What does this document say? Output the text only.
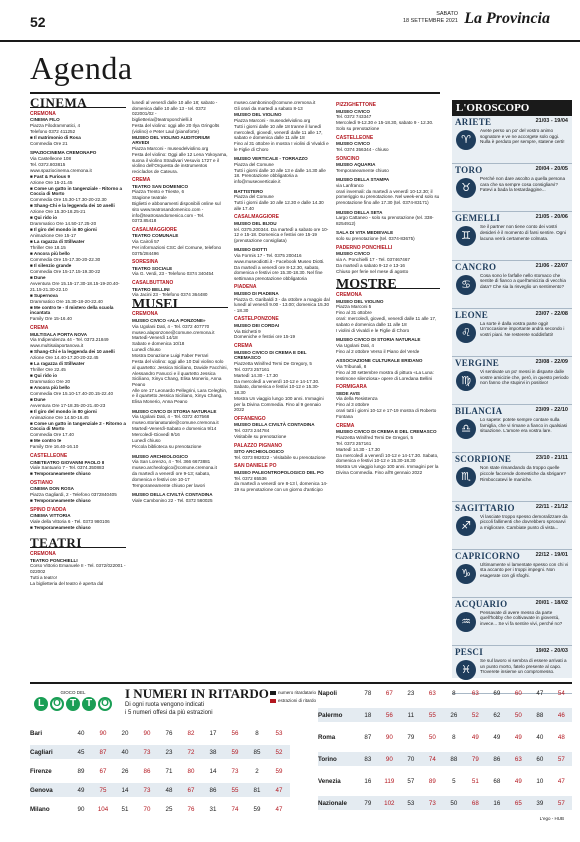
52	SABATO
18 SETTEMBRE 2021 La Provincia
Agenda
CINEMA
CREMONA
CINEMA FILO

Piazza Filodrammatici, 4

Telefono 0372 411252

■ Il matrimonio di Rosa

Commedia Ore 21

SPAZIOCINEMA CREMONAPO

Via Castelleone 108

Tel. 0372.803815

www.spaziocinema.cremona.it

■ Fast & Furious 9

Azione Ore 15-21.45

■ Come un gatto in tangenziale - Ritorno a Coccia di Morto

Commedia Ore 15.30-17.30-20-22.30

■ Shang-Chi e la leggenda dei 10 anelli

Azione Ore 15.30-18.25-21

■ Qui rido io

Drammatico Ore 14.50-17.25-20

■ Il giro del mondo in 80 giorni

Animazione Ore 15-17

■ La ragazza di Stillwater

Thriller Ore 18.15

■ Ancora più bello

Commedia Ore 15-17.30-20-22.30

■ Il silenzio grande

Commedia Ore 15-17.15-19.30-22

■ Dune

Avventura Ore 15.15-17.30-18.15-19-20.40-21.15-21.30-22.10

■ Supernova

Drammatico Ore 15.30-18-20-22.40

■ Me contro te - Il mistero della scuola incantata

Family Ore 15-16.40

CREMA
MULTISALA PORTA NOVA

Via Indipendenza 44 - Tel. 0373.21849

www.multisalaportanova.it

■ Shang-Chi e la leggenda dei 10 anelli

Azione Ore 14.40-17.20-20-22.45

■ La ragazza di Stillwater

Thriller Ore 22.45

■ Qui rido io

Drammatico Ore 20

■ Ancora più bello

Commedia Ore 15.10-17.40-20.15-22.40

■ Dune

Avventura Ore 17-18.35-20-21.40-23

■ Il giro del mondo in 80 giorni

Animazione Ore 14.50-16.45

■ Come un gatto in tangenziale 2 - Ritorno a Coccia di Morto

Commedia Ore 17.40

■ Me contro te

Family Ore 16.40-16.10

CASTELLEONE
CINETEATRO GIOVANNI PAOLO II

Viale Santuario 7 - Tel. 0374.350883

■ Temporaneamente chiuso

OSTIANO
CINEMA DON ROSA

Piazza Gagliardi, 2 - Telefono 0372840405

■ Temporaneamente chiuso

SPINO D'ADDA
CINEMA VITTORIA

Viale della Vittoria 6 - Tel. 0373 980106

■ Temporaneamente chiuso

TEATRI
CREMONA
TEATRO PONCHIELLI

Corso Vittorio Emanuele II - Tel. 0372/022001 - 022002

Tutti a teatro!

La biglietteria del teatro è aperta dal

lunedì al venerdì dalle 10 alle 18; sabato - domenica dalle 10 alle 13 - tel. 0372 022001/02 -

biglietteria@teatroponchielli.it

Festa del violino: oggi alle 20 Ilya Gringolts (violino) e Peter Laul (pianoforte)

MUSEO DEL VIOLINO AUDITORIUM ARVEDI

Piazza Marconi - museodelviolino.org

Festa del violino: Oggi alle 12 Lena Yokoyama, suona il violino Stradivari Vesuvio 1727 e il violino dell'Orquesta de instrumentos reciclados de Cateura.

CREMA
TEATRO SAN DOMENICO

Piazza Trento e Trieste, 6

Stagione teatrale

Biglietti e abbonamenti disponibili online sul sito www.teatrosandomenico.com - info@teatrosandomenico.com - Tel. 0373.85418

CASALMAGGIORE
TEATRO COMUNALE

Via Cairoli 57

Per informazioni CSC del Comune, telefono 0375/284496

SORESINA
TEATRO SOCIALE

Via G. Verdi, 23 - Telefono 0374 340454

CASALBUTTANO
TEATRO BELLINI

Via Jacini 23 - Telefono 0374 364480

MUSEI
CREMONA
MUSEO CIVICO «ALA PONZONE»

Via Ugolani Dati, 4 - Tel. 0372 407770

museo.alaponzone@comune.cremona.it

Martedì-Venerdì 14/18

Sabato e domenica 10/18

Lunedì chiuso

Mostra Donazione Luigi Faber Ferrari

Festa del violino: oggi alle 10 Dal violino solo al quartetto: Jessica Siciliano, Davide Facchini, Alessandro Fanucci e il quartetto Jessica Siciliano, Xinyu Chang, Elisa Monerio, Anna Peano

Alle ore 17 Leonardo Pellegrini, Lara Celeghin, e il quartetto Jessica Siciliano, Xinyu Chang, Elisa Monerio, Anna Peano

MUSEO CIVICO DI STORIA NATURALE

Via Ugolani Dati, 4 - Tel. 0372 407568

museo.storianaturale@comune.cremona.it

Martedì-Venerdì-Sabato e domenica 9/14

Mercoledì-Giovedì 9/16

Lunedì chiuso

Piccola biblioteca su prenotazione

MUSEO ARCHEOLOGICO

Via San Lorenzo, 4 - Tel. 366 6673881

museo.archeologico@comune.cremona.it

da martedì a venerdì ore 9-13; sabato, domenica e festivi ore 10-17

Temporaneamente chiuso per lavori

MUSEO DELLA CIVILTÀ CONTADINA

Viale Cambonino 22 - Tel. 0372 560025

museo.cambonino@comune.cremona.it

Gli orari da martedì a sabato 8-13

MUSEO DEL VIOLINO

Piazza Marconi - museodelviolino.org

Tutti i giorni dalle 10 alle 18 tranne il lunedì

mercoledì, giovedì, venerdì dalle 11 alle 17, sabato e domenica dalle 11 alle 18

Fino al 31 ottobre in mostra I violini di Vivaldi e le Figlie di Choro

MUSEO VERTICALE - TORRAZZO

Piazza del Comune

Tutti i giorni dalle 10 alle 13 e dalle 14.30 alle 18. Prenotazione obbligatoria a info@museoverticale.it

BATTISTERO

Piazza del Comune

Tutti i giorni dalle 10 alle 12.30 e dalle 14.30 alle 17.40

CASALMAGGIORE
MUSEO DEL BIJOU

tel. 0375.200344. Da martedì a sabato ore 10-12 e 15-18. Domenica e festivi ore 15-19 (prenotazione consigliata)

MUSEO DIOTTI

Via Formis 17 - Tel. 0375 200416

www.museodiotti.it - Facebook Museo Diotti. Da martedì a venerdì ore 8-12.30, sabato, domenica e festivi ore 15.30-18.30. Nel fine settimana prenotazione obbligatoria

PIADENA
MUSEO DI PIADENA

Piazza G. Garibaldi 3 - da ottobre a maggio dal lunedì al venerdì 9.00 - 13.00; domenica 15.30 - 18.30

CASTELPONZONE
MUSEO DEI CORDAI

Via Bichetti 9

Domeniche e festivi ore 15-19

CREMA
MUSEO CIVICO DI CREMA E DEL CREMASCO

Piazzetta Winifred Terni De Gregory, 5

Tel. 0373 257161

Martedì 14.30 - 17.30

Da mercoledì a venerdì 10-12 e 14-17.30. Sabato, domenica e festivi 10-12 e 15.30-18.30

Mostra Un viaggio lungo 100 anni. Immagini per la Divina Commedia. Fino al 9 gennaio 2022

OFFANENGO
MUSEO DELLA CIVILTÀ CONTADINA

Tel. 0373 244784

Visitabile su prenotazione

PALAZZO PIGNANO
SITO ARCHEOLOGICO

Tel. 0373 982022 - Visitabile su prenotazione

SAN DANIELE PO
MUSEO PALEONTROPOLOGICO DEL PO

Tel. 0372 65536

da martedì a venerdì ore 8-13 l, domenica 14-19 su prenotazione con un giorno d'anticipo

PIZZIGHETTONE
MUSEO CIVICO

Tel. 0372 743347

Mercoledì 9-12.30 e 15-18.30, sabato 9 - 12.30.

Solo su prenotazione

CASTELLEONE
MUSEO CIVICO

Tel. 0374 356344 - chiuso

SONCINO
MUSEO AQUARIA

Temporaneamente chiuso

MUSEO DELLA STAMPA

via Lanfranco

orari invernali: da martedì a venerdì 10-12.30; il pomeriggio su prenotazione. Nel week-end solo su prenotazione fino alle 17.30 (tel. 0374-83171)

MUSEO DELLA SETA

Largo Cattaneo - solo su prenotazione (tel. 338-8254912)

SALA DI VITA MEDIEVALE

solo su prenotazione (tel. 0374-83675)

PADERNO PONCHIELLI
MUSEO CIVICO

via A. Ponchielli 17 - Tel. 037467467

Da martedì a sabato 9-12 e 13-16

Chiuso per ferie nel mese di agosto

MOSTRE
CREMONA
MUSEO DEL VIOLINO

Piazza Marconi 5

Fino al 31 ottobre

orari: mercoledì, giovedì, venerdì dalle 11 alle 17, sabato e domenica dalle 11 alle 18

I violini di Vivaldi e le Figlie di Choro

MUSEO CIVICO DI STORIA NATURALE

Via Ugolani Dati, 4

Fino al 2 ottobre Verso il Piano del Verde

ASSOCIAZIONE CULTURALE ERIDANO

Via Tribunali, 8

Fino al 30 settembre mostra di pittura «La Luna: testimone silenziosa» opere di Loredana Bellini

FORMIGARA
SEDE AVIS

Via della Resistenza

Fino al 3 ottobre

orari tutti i giorni 10-12 e 17-19 mostra di Roberto Fontana

CREMA
MUSEO CIVICO DI CREMA E DEL CREMASCO

Piazzetta Winifred Terni De Gregori, 5

Tel. 0373 257161

Martedì 14.30 - 17.30

Da mercoledì a venerdì 10-12 e 14-17.30. Sabato, domenica e festivi 10-12 e 15.30-18.30

Mostra Un viaggio lungo 100 anni. Immagini per la Divina Commedia. Fino all'8 gennaio 2022

L'OROSCOPO
ARIETE	21/03 - 19/04
♈
Avete perso un po' del vostro animo sognatore e ve ne accorgete solo oggi. Nulla è perduto per sempre, statene certi!
TORO	20/04 - 20/05
♉
Perché non dare ascolto a quella persona cara che sa sempre cosa consigliarvi? Fatevi a bada la testardaggine...
GEMELLI	21/05 - 20/06
♊
Se il partner non tiene conto dei vostri desideri è il momento di farsi sentire. Ogni lacuna verrà certamente colmata.
CANCRO	21/06 - 22/07
♋
Cosa sono le farfalle nello stomaco che sentite di fianco a quell'amicizia di vecchia data? Che sia la risveglio un sentimento?
LEONE	23/07 - 22/08
♌
La sorte è dalla vostra parte oggi! Un'occasione importante andrà secondo i vostri piani. Ne resterete soddisfatti!
VERGINE	23/08 - 22/09
♍
Vi sentivate un po' messi in disparte dalle vostre amicizie che, però, in questo periodo non fanno che stupirvi in positivo!
BILANCIA	23/09 - 22/10
♎
Lo sapete: potete sempre contare sulla famiglia, che vi rimane a fianco in qualsiasi situazione. L'amore era vostra lare.
SCORPIONE	23/10 - 21/11
♏
Non state rimandando da troppo quelle piccole faccende domestiche da sbrigare? Rimboccatevi le maniche.
SAGITTARIO	22/11 - 21/12
♐
Vi lasciate troppo spesso demoralizzare da piccoli fallimenti che dovrebbero spronarvi a migliorare. Cambiate punto di vista...
CAPRICORNO	22/12 - 19/01
♑
Ultimamente vi lamentate spesso con chi vi sta accanto per i troppi impegni. Non esagerate con gli sfoghi.
ACQUARIO	20/01 - 18/02
♒
Pensavate di avere messo da parte quell'hobby che coltivavate in gioventù, invece... Se vi fa sentire vivi, perché no?
PESCI	19/02 - 20/03
♓
Se sul lavoro vi sembra di essere arrivati a un punto morto, fatelo presente al capo. Troverete insieme un compromesso.
GIOCO DEL
L O T T O
I NUMERI IN RITARDO
Di ogni ruota vengono indicati
i 5 numeri offesi da più estrazioni
numero ritardatario
estrazioni di ritardo
Bari	40	90	20	90	76	82	17	56	8	53
Cagliari	45	87	40	73	23	72	38	59	85	52
Firenze	89	67	26	86	71	80	14	73	2	59
Genova	49	75	14	73	48	67	86	55	81	47
Milano	90	104	51	70	25	76	31	74	59	47
Napoli	78	67	23	63	8	63	69	60	47	54
Palermo	18	56	11	55	26	52	62	50	88	46
Roma	87	90	79	50	8	49	49	49	40	48
Torino	83	90	70	74	88	79	86	63	60	57
Venezia	16	119	57	89	5	51	68	49	10	47
Nazionale	79	102	53	73	50	68	16	65	39	57
L'ego - HUB
